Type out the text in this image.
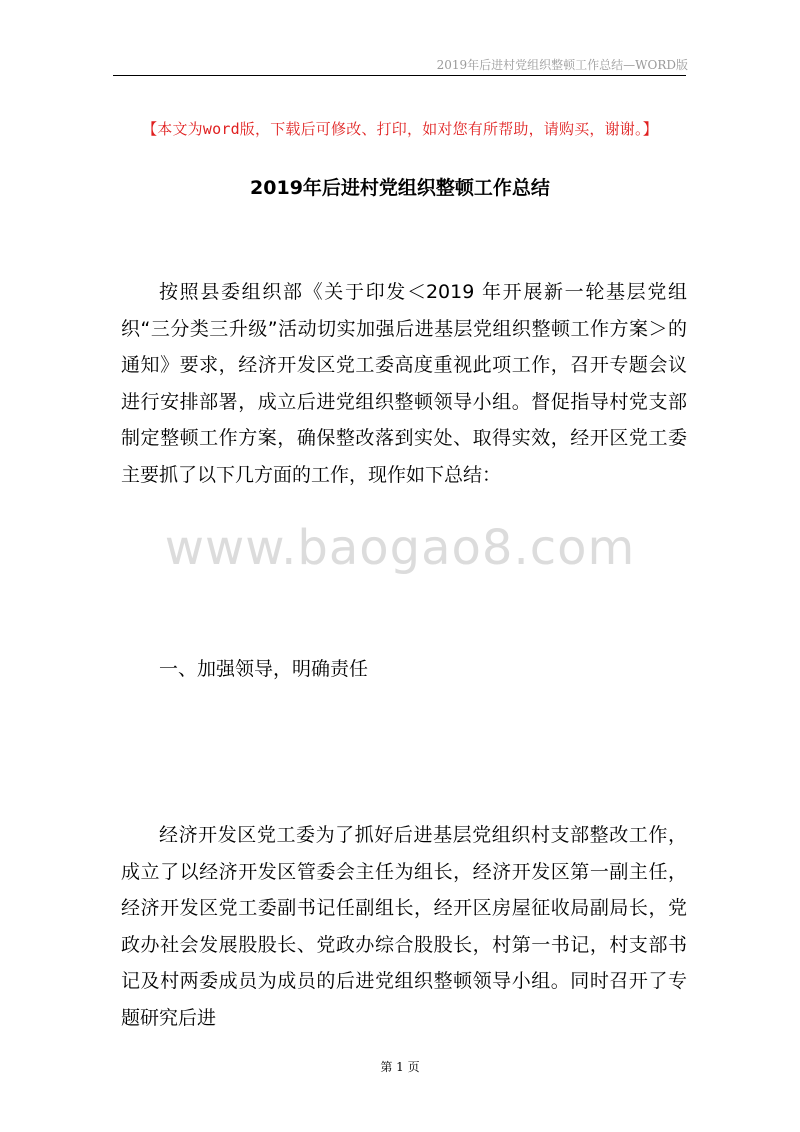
2019年后进村党组织整顿工作总结—WORD版
【本文为word版，下载后可修改、打印，如对您有所帮助，请购买，谢谢。】
2019年后进村党组织整顿工作总结

按照县委组织部《关于印发＜2019 年开展新一轮基层党组织“三分类三升级”活动切实加强后进基层党组织整顿工作方案＞的通知》要求，经济开发区党工委高度重视此项工作，召开专题会议进行安排部署，成立后进党组织整顿领导小组。督促指导村党支部制定整顿工作方案，确保整改落到实处、取得实效，经开区党工委主要抓了以下几方面的工作，现作如下总结：

www.baogao8.com
一、加强领导，明确责任

经济开发区党工委为了抓好后进基层党组织村支部整改工作，成立了以经济开发区管委会主任为组长，经济开发区第一副主任，经济开发区党工委副书记任副组长，经开区房屋征收局副局长，党政办社会发展股股长、党政办综合股股长，村第一书记，村支部书记及村两委成员为成员的后进党组织整顿领导小组。同时召开了专题研究后进

第 1 页
